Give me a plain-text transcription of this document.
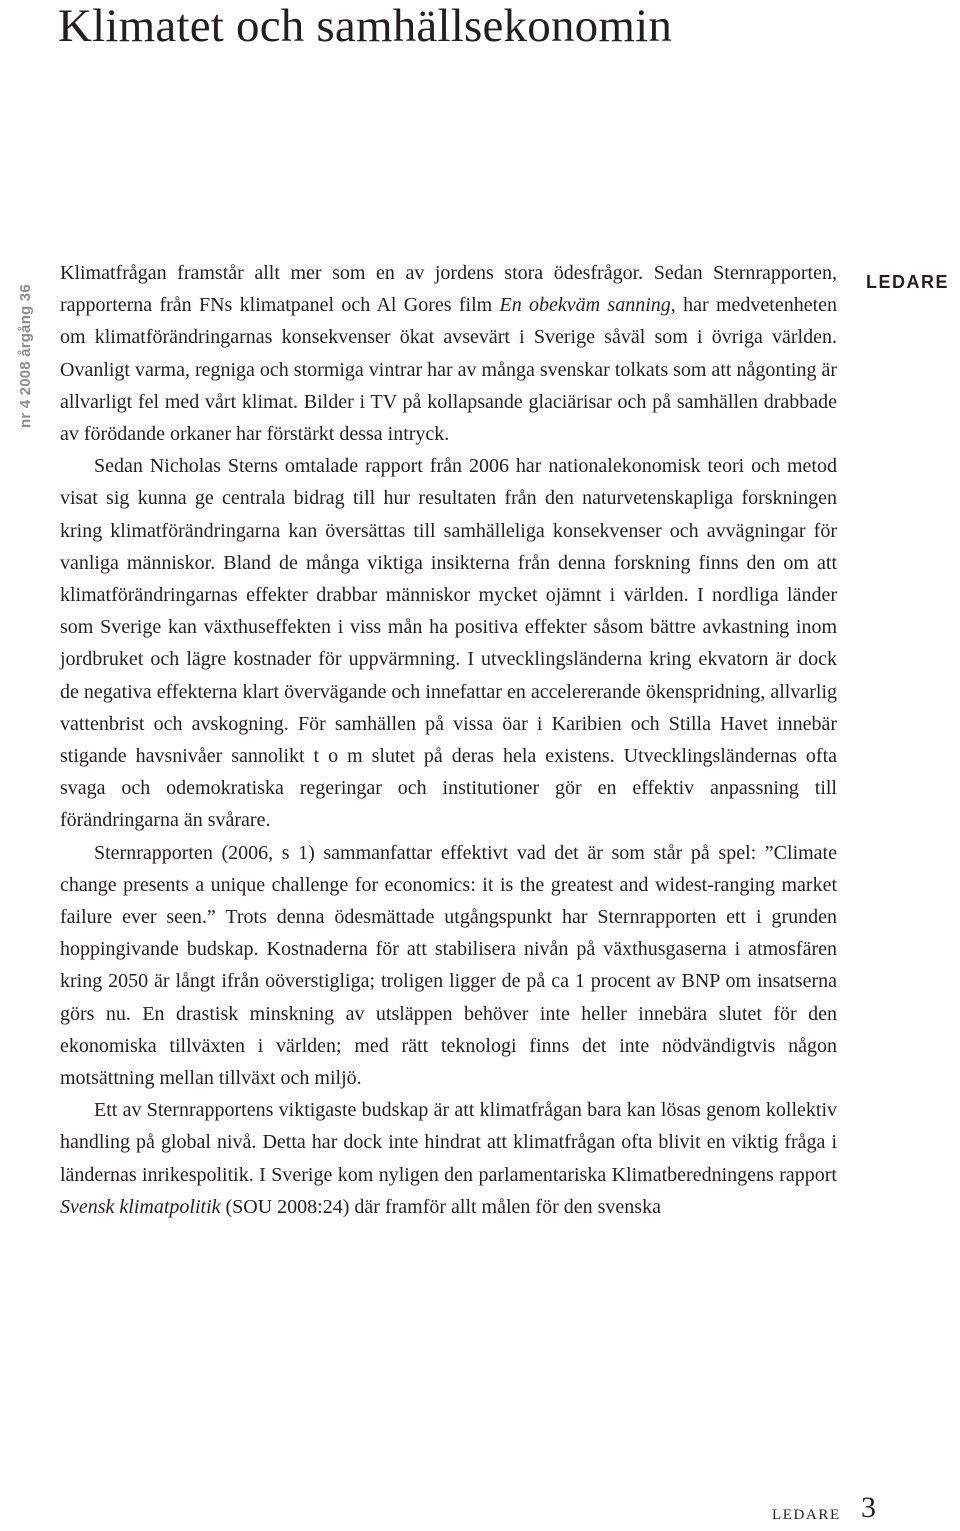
Klimatet och samhällsekonomin
nr 4 2008 årgång 36
LEDARE

Klimatfrågan framstår allt mer som en av jordens stora ödesfrågor. Sedan Sternrapporten, rapporterna från FNs klimatpanel och Al Gores film En obekväm sanning, har medvetenheten om klimatförändringarnas konsekvenser ökat avsevärt i Sverige såväl som i övriga världen. Ovanligt varma, regniga och stormiga vintrar har av många svenskar tolkats som att någonting är allvarligt fel med vårt klimat. Bilder i TV på kollapsande glaciärisar och på samhällen drabbade av förödande orkaner har förstärkt dessa intryck.

Sedan Nicholas Sterns omtalade rapport från 2006 har nationalekonomisk teori och metod visat sig kunna ge centrala bidrag till hur resultaten från den naturvetenskapliga forskningen kring klimatförändringarna kan översättas till samhälleliga konsekvenser och avvägningar för vanliga människor. Bland de många viktiga insikterna från denna forskning finns den om att klimatförändringarnas effekter drabbar människor mycket ojämnt i världen. I nordliga länder som Sverige kan växthuseffekten i viss mån ha positiva effekter såsom bättre avkastning inom jordbruket och lägre kostnader för uppvärmning. I utvecklingsländerna kring ekvatorn är dock de negativa effekterna klart övervägande och innefattar en accelererande ökenspridning, allvarlig vattenbrist och avskogning. För samhällen på vissa öar i Karibien och Stilla Havet innebär stigande havsnivåer sannolikt t o m slutet på deras hela existens. Utvecklingsländernas ofta svaga och odemokratiska regeringar och institutioner gör en effektiv anpassning till förändringarna än svårare.

Sternrapporten (2006, s 1) sammanfattar effektivt vad det är som står på spel: ”Climate change presents a unique challenge for economics: it is the greatest and widest-ranging market failure ever seen.” Trots denna ödesmättade utgångspunkt har Sternrapporten ett i grunden hoppingivande budskap. Kostnaderna för att stabilisera nivån på växthusgaserna i atmosfären kring 2050 är långt ifrån oöverstigliga; troligen ligger de på ca 1 procent av BNP om insatserna görs nu. En drastisk minskning av utsläppen behöver inte heller innebära slutet för den ekonomiska tillväxten i världen; med rätt teknologi finns det inte nödvändigtvis någon motsättning mellan tillväxt och miljö.

Ett av Sternrapportens viktigaste budskap är att klimatfrågan bara kan lösas genom kollektiv handling på global nivå. Detta har dock inte hindrat att klimatfrågan ofta blivit en viktig fråga i ländernas inrikespolitik. I Sverige kom nyligen den parlamentariska Klimatberedningens rapport Svensk klimatpolitik (SOU 2008:24) där framför allt målen för den svenska

LEDARE 3
